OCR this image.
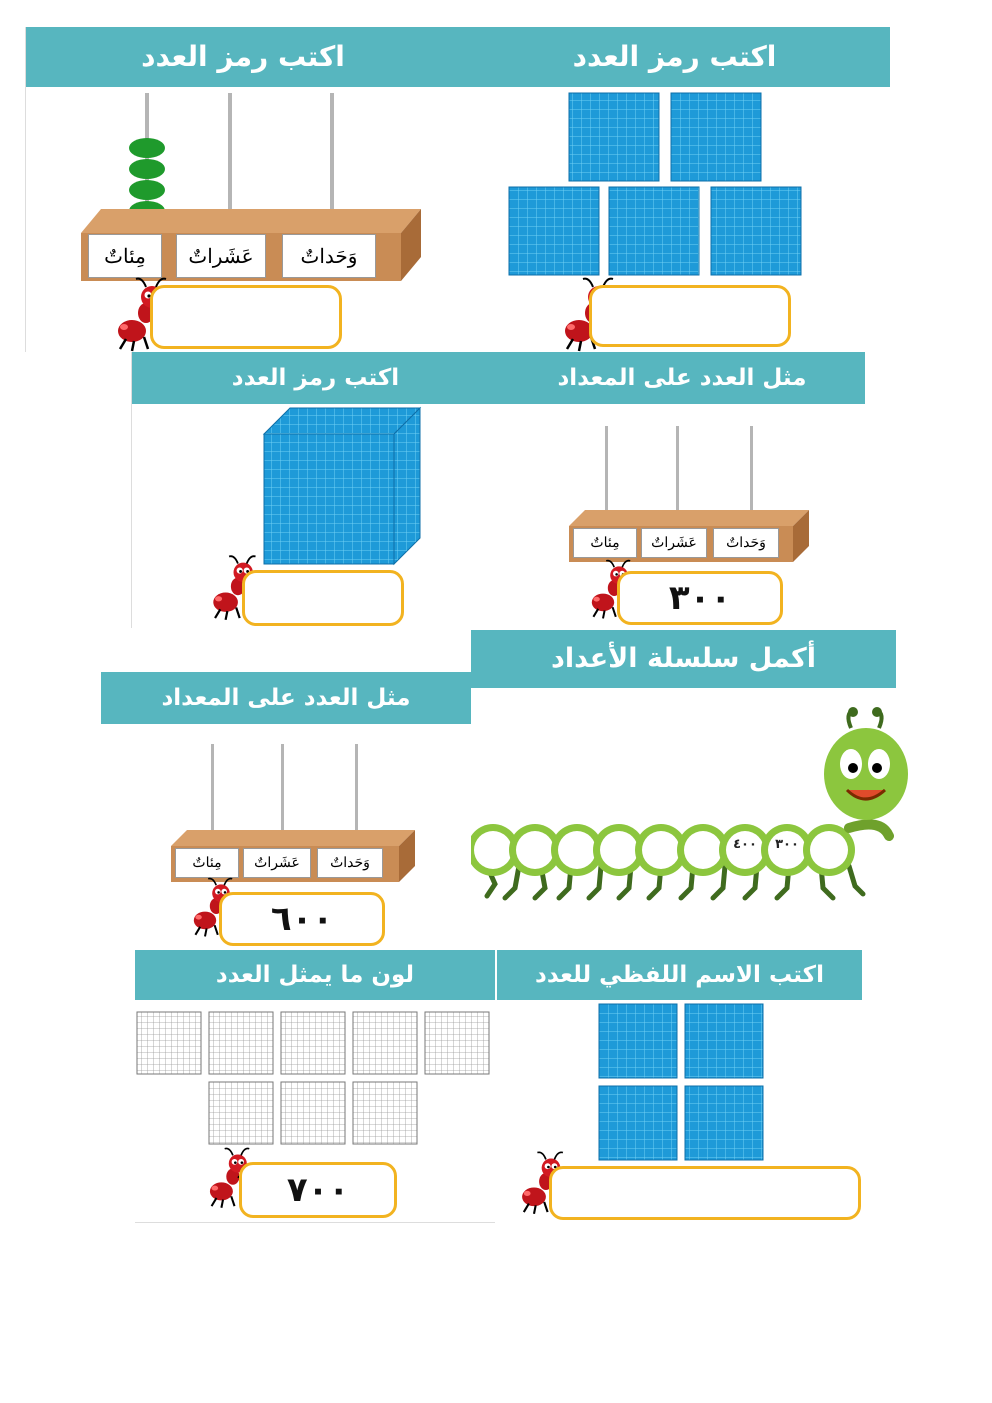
اكتب رمز العدد
اكتب رمز العدد
مِئاتٌ	عَشَراتٌ	وَحَداتٌ
مثل العدد على المعداد
مِئاتٌ	عَشَراتٌ	وَحَداتٌ
٣٠٠
اكتب رمز العدد
أكمل سلسلة الأعداد
٤٠٠	٣٠٠
مثل العدد على المعداد
مِئاتٌ	عَشَراتٌ	وَحَداتٌ
٦٠٠
اكتب الاسم اللفظي للعدد
لون ما يمثل العدد
٧٠٠
